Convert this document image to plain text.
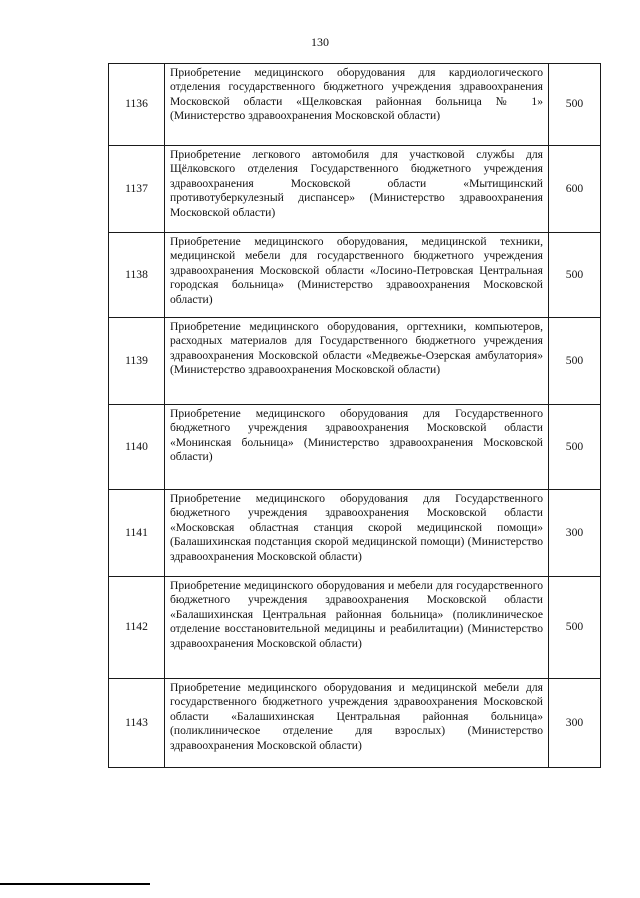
130
1136	Приобретение медицинского оборудования для кардиологического отделения государственного бюджетного учреждения здравоохранения Московской области «Щелковская районная больница № 1» (Министерство здравоохранения Московской области)	500
1137	Приобретение легкового автомобиля для участковой службы для Щёлковского отделения Государственного бюджетного учреждения здравоохранения Московской области «Мытищинский противотуберкулезный диспансер» (Министерство здравоохранения Московской области)	600
1138	Приобретение медицинского оборудования, медицинской техники, медицинской мебели для государственного бюджетного учреждения здравоохранения Московской области «Лосино-Петровская Центральная городская больница» (Министерство здравоохранения Московской области)	500
1139	Приобретение медицинского оборудования, оргтехники, компьютеров, расходных материалов для Государственного бюджетного учреждения здравоохранения Московской области «Медвежье-Озерская амбулатория» (Министерство здравоохранения Московской области)	500
1140	Приобретение медицинского оборудования для Государственного бюджетного учреждения здравоохранения Московской области «Монинская больница» (Министерство здравоохранения Московской области)	500
1141	Приобретение медицинского оборудования для Государственного бюджетного учреждения здравоохранения Московской области «Московская областная станция скорой медицинской помощи» (Балашихинская подстанция скорой медицинской помощи) (Министерство здравоохранения Московской области)	300
1142	Приобретение медицинского оборудования и мебели для государственного бюджетного учреждения здравоохранения Московской области «Балашихинская Центральная районная больница» (поликлиническое отделение восстановительной медицины и реабилитации) (Министерство здравоохранения Московской области)	500
1143	Приобретение медицинского оборудования и медицинской мебели для государственного бюджетного учреждения здравоохранения Московской области «Балашихинская Центральная районная больница» (поликлиническое отделение для взрослых) (Министерство здравоохранения Московской области)	300
